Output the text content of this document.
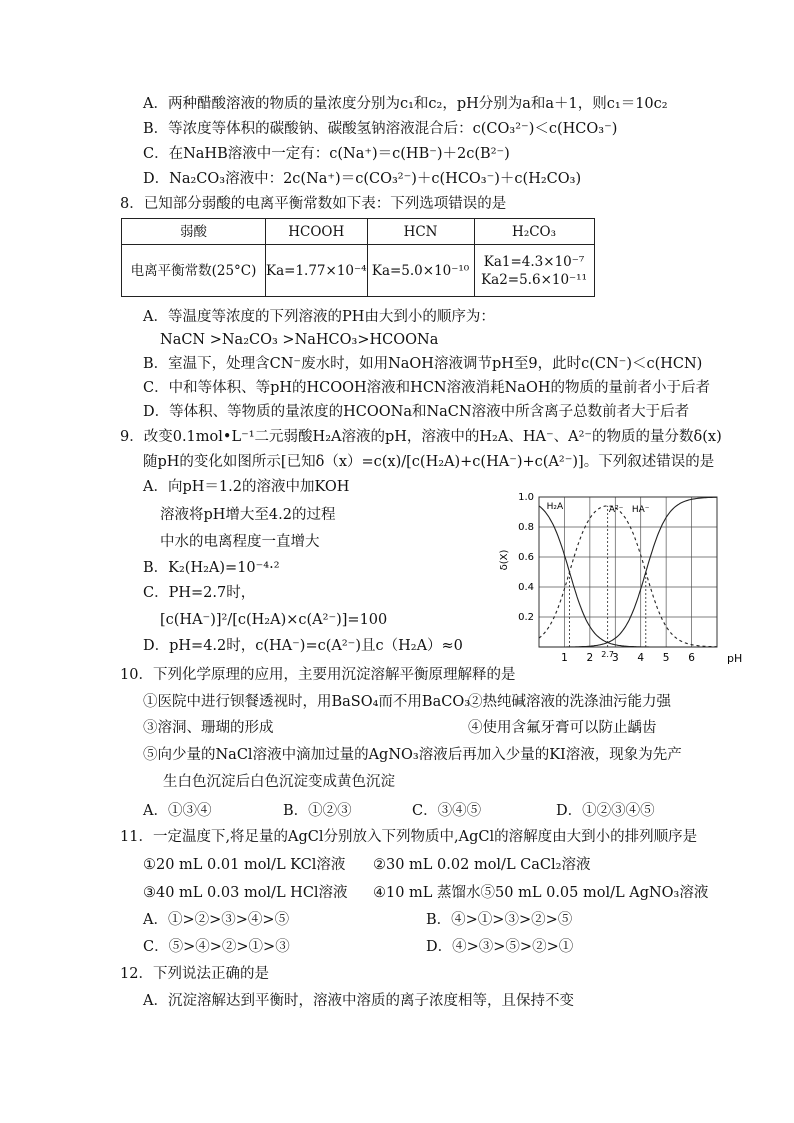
A．两种醋酸溶液的物质的量浓度分别为c₁和c₂，pH分别为a和a＋1，则c₁＝10c₂
B．等浓度等体积的碳酸钠、碳酸氢钠溶液混合后：c(CO₃²⁻)＜c(HCO₃⁻)
C．在NaHB溶液中一定有：c(Na⁺)＝c(HB⁻)＋2c(B²⁻)
D．Na₂CO₃溶液中：2c(Na⁺)＝c(CO₃²⁻)＋c(HCO₃⁻)＋c(H₂CO₃)
8．已知部分弱酸的电离平衡常数如下表：下列选项错误的是
弱酸	HCOOH	HCN	H₂CO₃
电离平衡常数(25°C)	Ka=1.77×10⁻⁴	Ka=5.0×10⁻¹⁰	Ka1=4.3×10⁻⁷
Ka2=5.6×10⁻¹¹
A．等温度等浓度的下列溶液的PH由大到小的顺序为：
NaCN >Na₂CO₃ >NaHCO₃>HCOONa
B．室温下，处理含CN⁻废水时，如用NaOH溶液调节pH至9，此时c(CN⁻)＜c(HCN)
C．中和等体积、等pH的HCOOH溶液和HCN溶液消耗NaOH的物质的量前者小于后者
D．等体积、等物质的量浓度的HCOONa和NaCN溶液中所含离子总数前者大于后者
9．改变0.1mol•L⁻¹二元弱酸H₂A溶液的pH，溶液中的H₂A、HA⁻、A²⁻的物质的量分数δ(x)
随pH的变化如图所示[已知δ（x）=c(x)/[c(H₂A)+c(HA⁻)+c(A²⁻)]。下列叙述错误的是
A．向pH＝1.2的溶液中加KOH
溶液将pH增大至4.2的过程
中水的电离程度一直增大
B．K₂(H₂A)=10⁻⁴·²
C．PH=2.7时，
[c(HA⁻)]²/[c(H₂A)×c(A²⁻)]=100
D．pH=4.2时，c(HA⁻)=c(A²⁻)且c（H₂A）≈0
0.2
0.4
0.6
0.8
1.0
1 2 2.7
3 4 5 6
H₂A	A²⁻ HA⁻
δ(X)
pH
10．下列化学原理的应用，主要用沉淀溶解平衡原理解释的是
①医院中进行钡餐透视时，用BaSO₄而不用BaCO₃
②热纯碱溶液的洗涤油污能力强
③溶洞、珊瑚的形成	④使用含氟牙膏可以防止龋齿
⑤向少量的NaCl溶液中滴加过量的AgNO₃溶液后再加入少量的KI溶液，现象为先产
生白色沉淀后白色沉淀变成黄色沉淀
A．①③④	B．①②③	C．③④⑤	D．①②③④⑤
11．一定温度下,将足量的AgCl分别放入下列物质中,AgCl的溶解度由大到小的排列顺序是
①20 mL 0.01 mol/L KCl溶液 ②30 mL 0.02 mol/L CaCl₂溶液
③40 mL 0.03 mol/L HCl溶液 ④10 mL 蒸馏水⑤50 mL 0.05 mol/L AgNO₃溶液
A．①>②>③>④>⑤	B．④>①>③>②>⑤
C．⑤>④>②>①>③	D．④>③>⑤>②>①
12．下列说法正确的是
A．沉淀溶解达到平衡时，溶液中溶质的离子浓度相等，且保持不变
